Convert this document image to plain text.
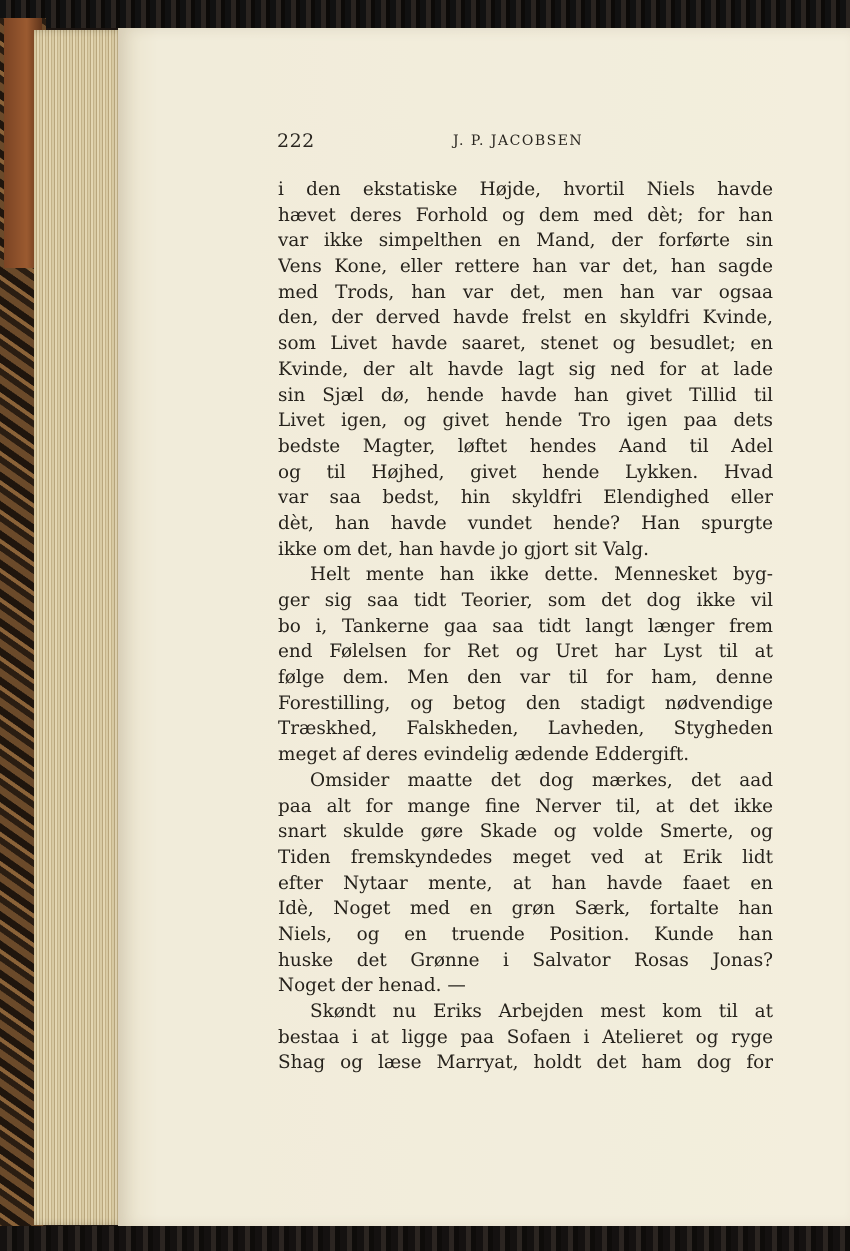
222	J. P. JACOBSEN
i den ekstatiske Højde, hvortil Niels havde
hævet deres Forhold og dem med dèt; for han
var ikke simpelthen en Mand, der forførte sin
Vens Kone, eller rettere han var det, han sagde
med Trods, han var det, men han var ogsaa
den, der derved havde frelst en skyldfri Kvinde,
som Livet havde saaret, stenet og besudlet; en
Kvinde, der alt havde lagt sig ned for at lade
sin Sjæl dø, hende havde han givet Tillid til
Livet igen, og givet hende Tro igen paa dets
bedste Magter, løftet hendes Aand til Adel
og til Højhed, givet hende Lykken. Hvad
var saa bedst, hin skyldfri Elendighed eller
dèt, han havde vundet hende? Han spurgte
ikke om det, han havde jo gjort sit Valg.
Helt mente han ikke dette. Mennesket byg-
ger sig saa tidt Teorier, som det dog ikke vil
bo i, Tankerne gaa saa tidt langt længer frem
end Følelsen for Ret og Uret har Lyst til at
følge dem. Men den var til for ham, denne
Forestilling, og betog den stadigt nødvendige
Træskhed, Falskheden, Lavheden, Stygheden
meget af deres evindelig ædende Eddergift.
Omsider maatte det dog mærkes, det aad
paa alt for mange fine Nerver til, at det ikke
snart skulde gøre Skade og volde Smerte, og
Tiden fremskyndedes meget ved at Erik lidt
efter Nytaar mente, at han havde faaet en
Idè, Noget med en grøn Særk, fortalte han
Niels, og en truende Position. Kunde han
huske det Grønne i Salvator Rosas Jonas?
Noget der henad. —
Skøndt nu Eriks Arbejden mest kom til at
bestaa i at ligge paa Sofaen i Atelieret og ryge
Shag og læse Marryat, holdt det ham dog for
